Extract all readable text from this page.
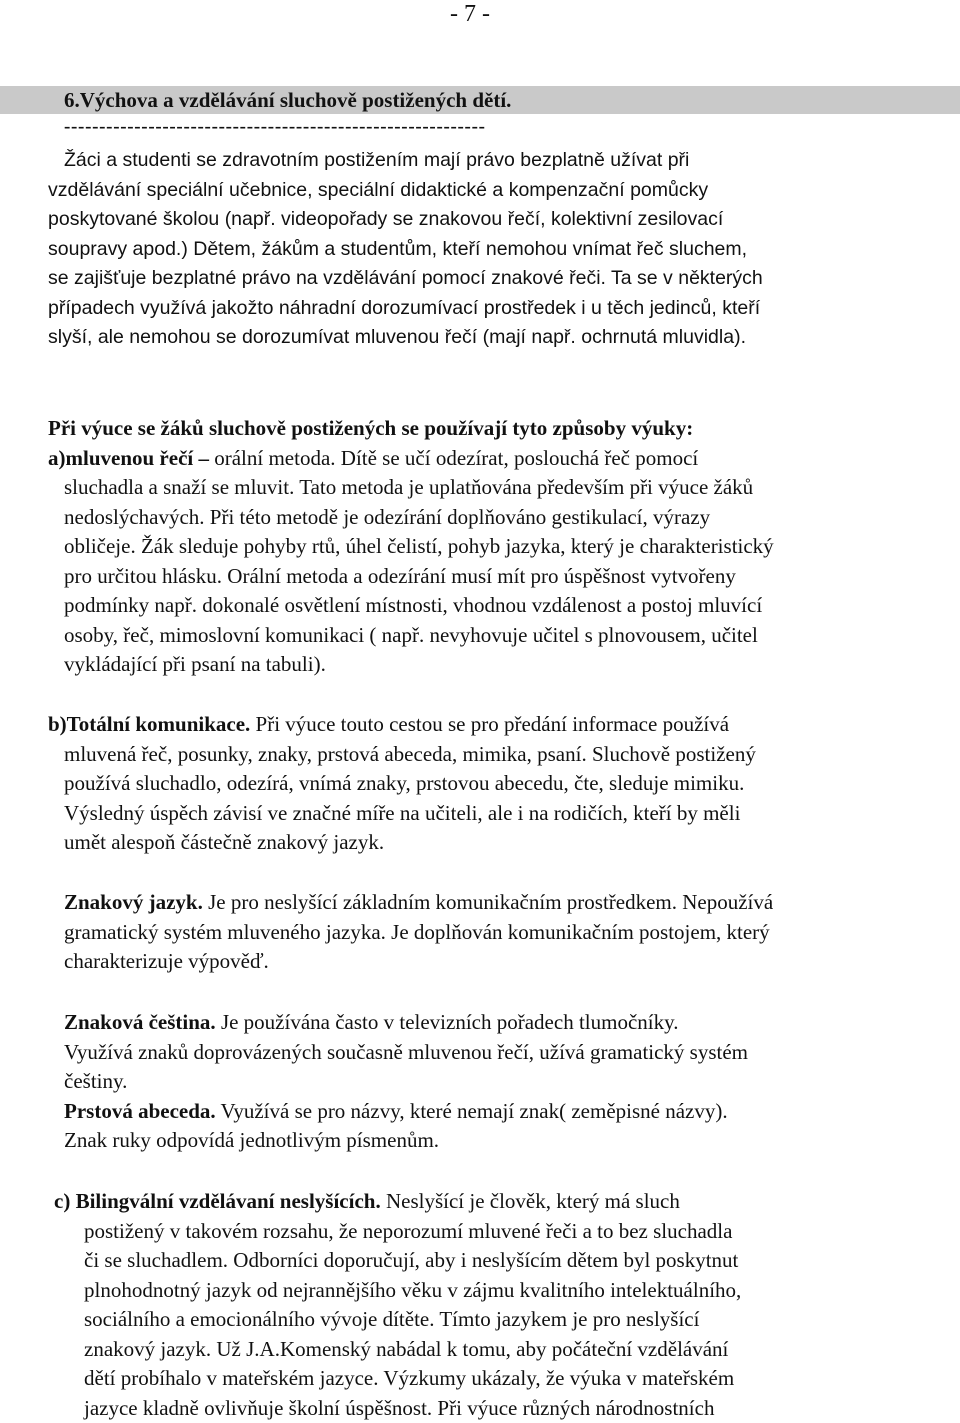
- 7 -
6.Výchova a vzdělávání sluchově postižených dětí.
------------------------------------------------------------
Žáci a studenti se zdravotním postižením mají právo bezplatně užívat při
vzdělávání speciální učebnice, speciální didaktické a kompenzační pomůcky
poskytované školou (např. videopořady se znakovou řečí, kolektivní zesilovací
soupravy apod.) Dětem, žákům a studentům, kteří nemohou vnímat řeč sluchem,
se zajišťuje bezplatné právo na vzdělávání pomocí znakové řeči. Ta se v některých
případech využívá jakožto náhradní dorozumívací prostředek i u těch jedinců, kteří
slyší, ale nemohou se dorozumívat mluvenou řečí (mají např. ochrnutá mluvidla).
Při výuce se žáků sluchově postižených se používají tyto způsoby výuky:
a)mluvenou řečí – orální metoda. Dítě se učí odezírat, poslouchá řeč pomocí
sluchadla a snaží se mluvit. Tato metoda je uplatňována především při výuce žáků
nedoslýchavých. Při této metodě je odezírání doplňováno gestikulací, výrazy
obličeje. Žák sleduje pohyby rtů, úhel čelistí, pohyb jazyka, který je charakteristický
pro určitou hlásku. Orální metoda a odezírání musí mít pro úspěšnost vytvořeny
podmínky např. dokonalé osvětlení místnosti, vhodnou vzdálenost a postoj mluvící
osoby, řeč, mimoslovní komunikaci ( např. nevyhovuje učitel s plnovousem, učitel
vykládající při psaní na tabuli).
b)Totální komunikace. Při výuce touto cestou se pro předání informace používá
mluvená řeč, posunky, znaky, prstová abeceda, mimika, psaní. Sluchově postižený
používá sluchadlo, odezírá, vnímá znaky, prstovou abecedu, čte, sleduje mimiku.
Výsledný úspěch závisí ve značné míře na učiteli, ale i na rodičích, kteří by měli
umět alespoň částečně znakový jazyk.
Znakový jazyk. Je pro neslyšící základním komunikačním prostředkem. Nepoužívá
gramatický systém mluveného jazyka. Je doplňován komunikačním postojem, který
charakterizuje výpověď.
Znaková čeština. Je používána často v televizních pořadech tlumočníky.
Využívá znaků doprovázených současně mluvenou řečí, užívá gramatický systém
češtiny.
Prstová abeceda. Využívá se pro názvy, které nemají znak( zeměpisné názvy).
Znak ruky odpovídá jednotlivým písmenům.
c) Bilingvální vzdělávaní neslyšících. Neslyšící je člověk, který má sluch
postižený v takovém rozsahu, že neporozumí mluvené řeči a to bez sluchadla
či se sluchadlem. Odborníci doporučují, aby i neslyšícím dětem byl poskytnut
plnohodnotný jazyk od nejrannějšího věku v zájmu kvalitního intelektuálního,
sociálního a emocionálního vývoje dítěte. Tímto jazykem je pro neslyšící
znakový jazyk. Už J.A.Komenský nabádal k tomu, aby počáteční vzdělávání
dětí probíhalo v mateřském jazyce. Výzkumy ukázaly, že výuka v mateřském
jazyce kladně ovlivňuje školní úspěšnost. Při výuce různých národnostních
